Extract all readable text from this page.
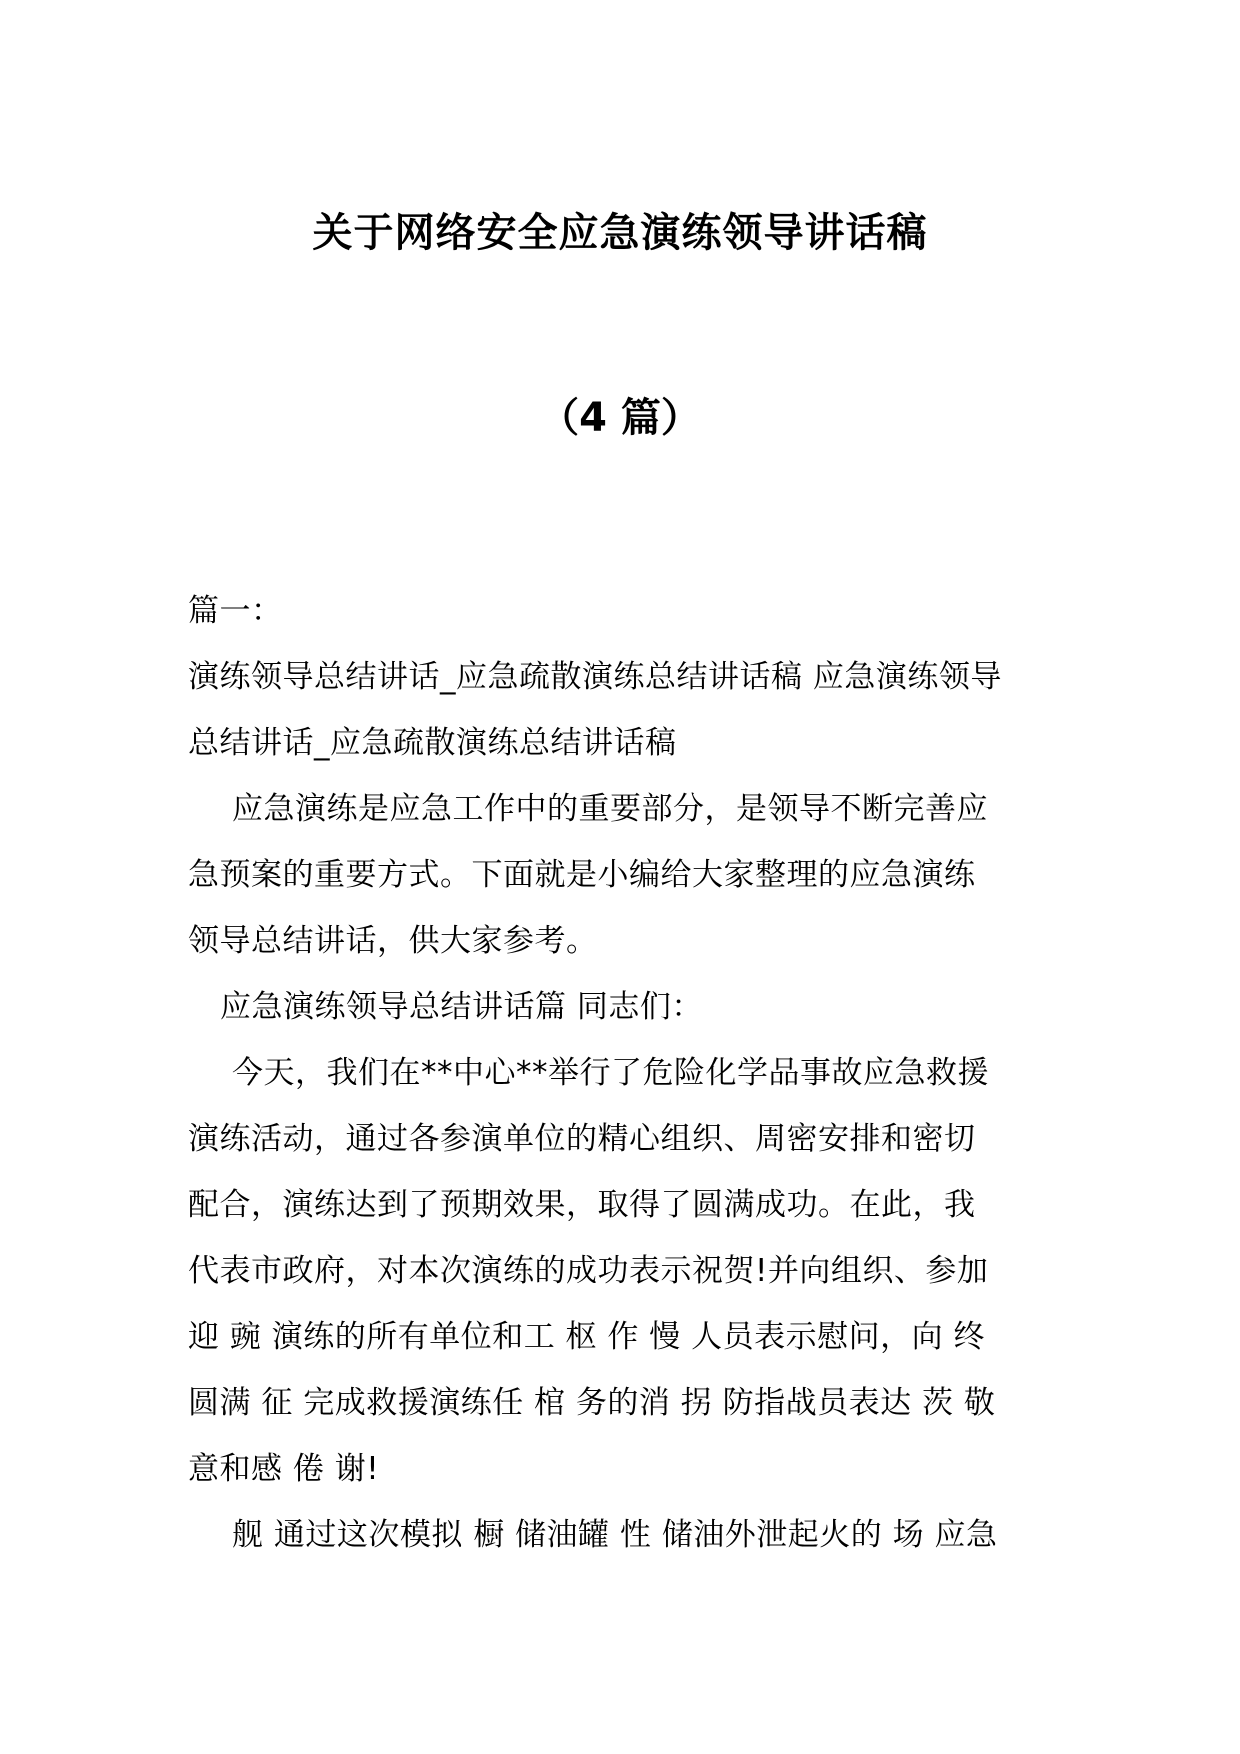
关于网络安全应急演练领导讲话稿
（4 篇）
篇一：
演练领导总结讲话_应急疏散演练总结讲话稿 应急演练领导
总结讲话_应急疏散演练总结讲话稿
应急演练是应急工作中的重要部分，是领导不断完善应
急预案的重要方式。下面就是小编给大家整理的应急演练
领导总结讲话，供大家参考。
应急演练领导总结讲话篇 同志们：
今天，我们在**中心**举行了危险化学品事故应急救援
演练活动，通过各参演单位的精心组织、周密安排和密切
配合，演练达到了预期效果，取得了圆满成功。在此，我
代表市政府，对本次演练的成功表示祝贺!并向组织、参加
迎 豌 演练的所有单位和工 枢 作 慢 人员表示慰问，向 终
圆满 征 完成救援演练任 棺 务的消 拐 防指战员表达 茨 敬
意和感 倦 谢!
舰 通过这次模拟 橱 储油罐 性 储油外泄起火的 场 应急
